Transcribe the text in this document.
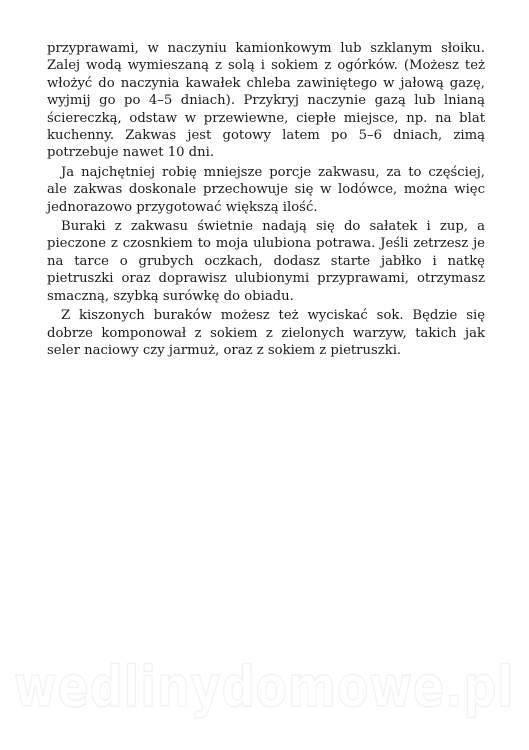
przyprawami, w naczyniu kamionkowym lub szklanym słoiku. Zalej wodą wymieszaną z solą i sokiem z ogórków. (Możesz też włożyć do naczynia kawałek chleba zawiniętego w jałową gazę, wyjmij go po 4–5 dniach). Przykryj naczynie gazą lub lnianą ściereczką, odstaw w przewiewne, ciepłe miejsce, np. na blat kuchenny. Zakwas jest gotowy latem po 5–6 dniach, zimą potrzebuje nawet 10 dni.

Ja najchętniej robię mniejsze porcje zakwasu, za to częściej, ale zakwas doskonale przechowuje się w lodówce, można więc jednorazowo przygotować większą ilość.

Buraki z zakwasu świetnie nadają się do sałatek i zup, a pieczone z czosnkiem to moja ulubiona potrawa. Jeśli zetrzesz je na tarce o grubych oczkach, dodasz starte jabłko i natkę pietruszki oraz doprawisz ulubionymi przyprawami, otrzymasz smaczną, szybką surówkę do obiadu.

Z kiszonych buraków możesz też wyciskać sok. Będzie się dobrze komponował z sokiem z zielonych warzyw, takich jak seler naciowy czy jarmuż, oraz z sokiem z pietruszki.

wedlinydomowe.pl
